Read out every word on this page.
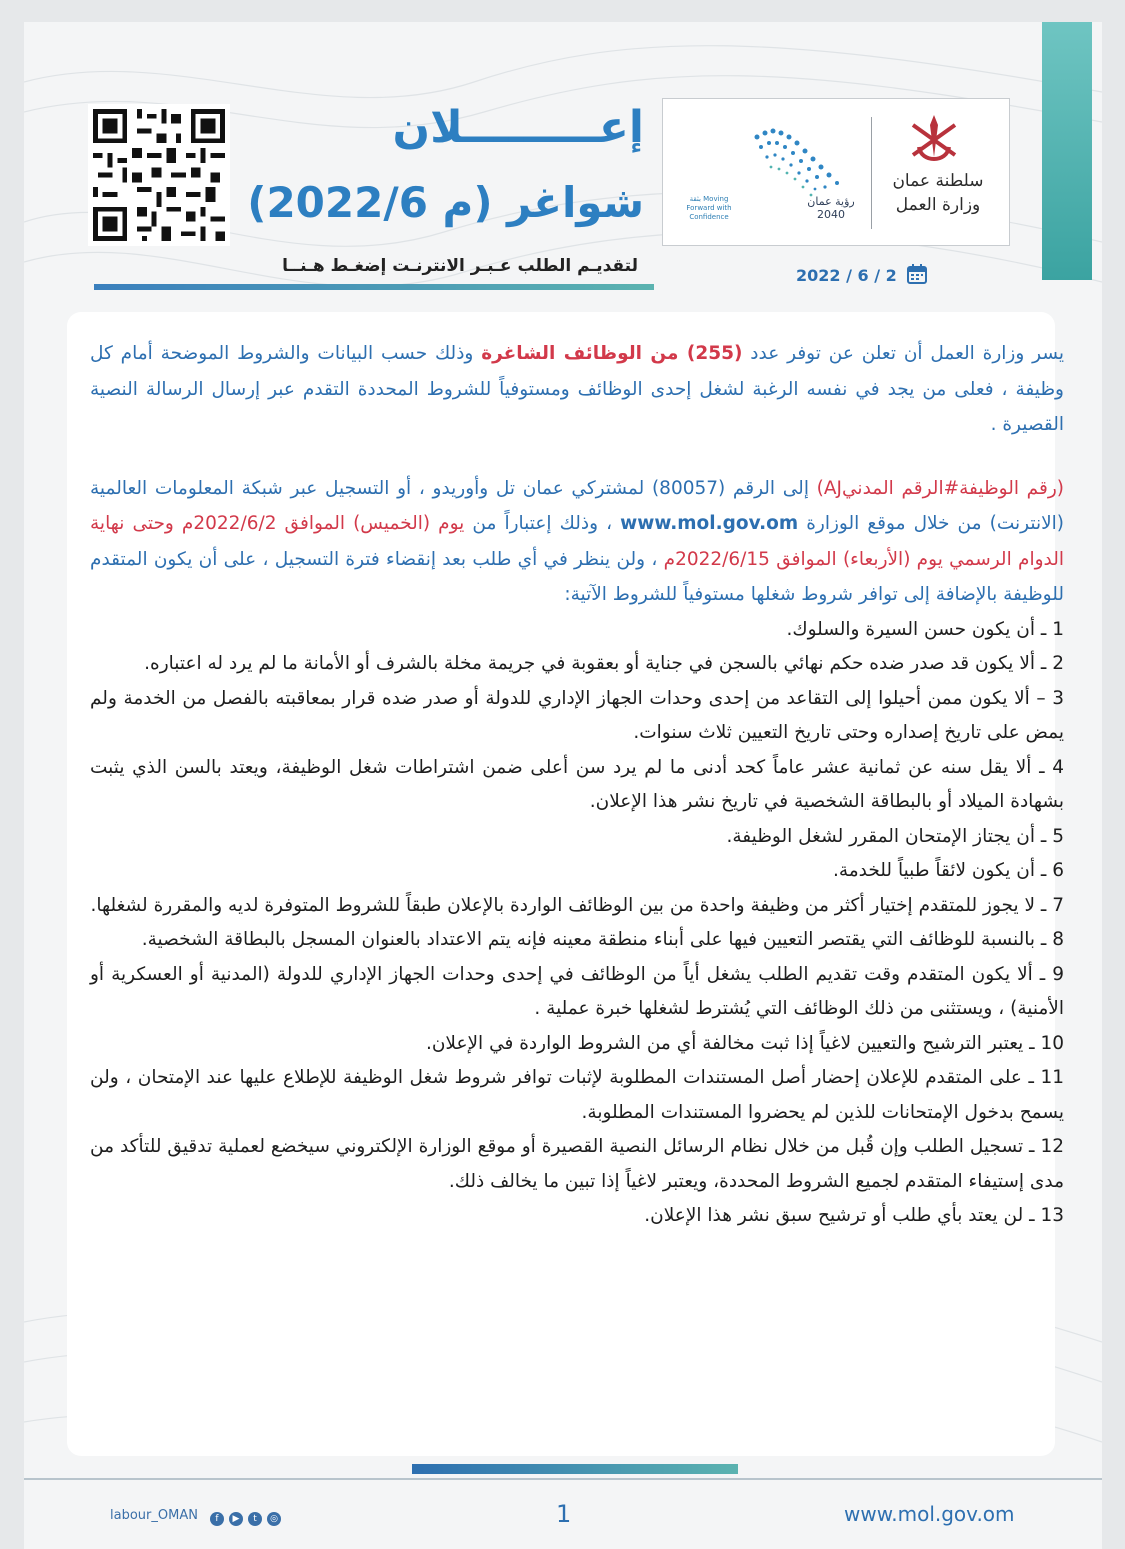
سلطنة عمان
وزارة العمل
رؤية عمان
2040
بثقة Moving Forward with Confidence
إعـــــــــلان
شواغر (م 2022/6)
لتقديـم الطلب عـبـر الانترنـت إضغـط هـنــا	2022 / 6 / 2

يسر وزارة العمل أن تعلن عن توفر عدد (255) من الوظائف الشاغرة وذلك حسب البيانات والشروط الموضحة أمام كل وظيفة ، فعلى من يجد في نفسه الرغبة لشغل إحدى الوظائف ومستوفياً للشروط المحددة التقدم عبر إرسال الرسالة النصية القصيرة .

(رقم الوظيفة#الرقم المدنيAJ) إلى الرقم (80057) لمشتركي عمان تل وأوريدو ، أو التسجيل عبر شبكة المعلومات العالمية (الانترنت) من خلال موقع الوزارة www.mol.gov.om ، وذلك إعتباراً من يوم (الخميس) الموافق 2022/6/2م وحتى نهاية الدوام الرسمي يوم (الأربعاء) الموافق 2022/6/15م ، ولن ينظر في أي طلب بعد إنقضاء فترة التسجيل ، على أن يكون المتقدم للوظيفة بالإضافة إلى توافر شروط شغلها مستوفياً للشروط الآتية:

1 ـ أن يكون حسن السيرة والسلوك.

2 ـ ألا يكون قد صدر ضده حكم نهائي بالسجن في جناية أو بعقوبة في جريمة مخلة بالشرف أو الأمانة ما لم يرد له اعتباره.

3 – ألا يكون ممن أحيلوا إلى التقاعد من إحدى وحدات الجهاز الإداري للدولة أو صدر ضده قرار بمعاقبته بالفصل من الخدمة ولم يمض على تاريخ إصداره وحتى تاريخ التعيين ثلاث سنوات.

4 ـ ألا يقل سنه عن ثمانية عشر عاماً كحد أدنى ما لم يرد سن أعلى ضمن اشتراطات شغل الوظيفة، ويعتد بالسن الذي يثبت بشهادة الميلاد أو بالبطاقة الشخصية في تاريخ نشر هذا الإعلان.

5 ـ أن يجتاز الإمتحان المقرر لشغل الوظيفة.

6 ـ أن يكون لائقاً طبياً للخدمة.

7 ـ لا يجوز للمتقدم إختيار أكثر من وظيفة واحدة من بين الوظائف الواردة بالإعلان طبقاً للشروط المتوفرة لديه والمقررة لشغلها.

8 ـ بالنسبة للوظائف التي يقتصر التعيين فيها على أبناء منطقة معينه فإنه يتم الاعتداد بالعنوان المسجل بالبطاقة الشخصية.

9 ـ ألا يكون المتقدم وقت تقديم الطلب يشغل أياً من الوظائف في إحدى وحدات الجهاز الإداري للدولة (المدنية أو العسكرية أو الأمنية) ، ويستثنى من ذلك الوظائف التي يُشترط لشغلها خبرة عملية .

10 ـ يعتبر الترشيح والتعيين لاغياً إذا ثبت مخالفة أي من الشروط الواردة في الإعلان.

11 ـ على المتقدم للإعلان إحضار أصل المستندات المطلوبة لإثبات توافر شروط شغل الوظيفة للإطلاع عليها عند الإمتحان ، ولن يسمح بدخول الإمتحانات للذين لم يحضروا المستندات المطلوبة.

12 ـ تسجيل الطلب وإن قُبل من خلال نظام الرسائل النصية القصيرة أو موقع الوزارة الإلكتروني سيخضع لعملية تدقيق للتأكد من مدى إستيفاء المتقدم لجميع الشروط المحددة، ويعتبر لاغياً إذا تبين ما يخالف ذلك.

13 ـ لن يعتد بأي طلب أو ترشيح سبق نشر هذا الإعلان.

labour_OMAN	f ▶ t ◎	1	www.mol.gov.om
